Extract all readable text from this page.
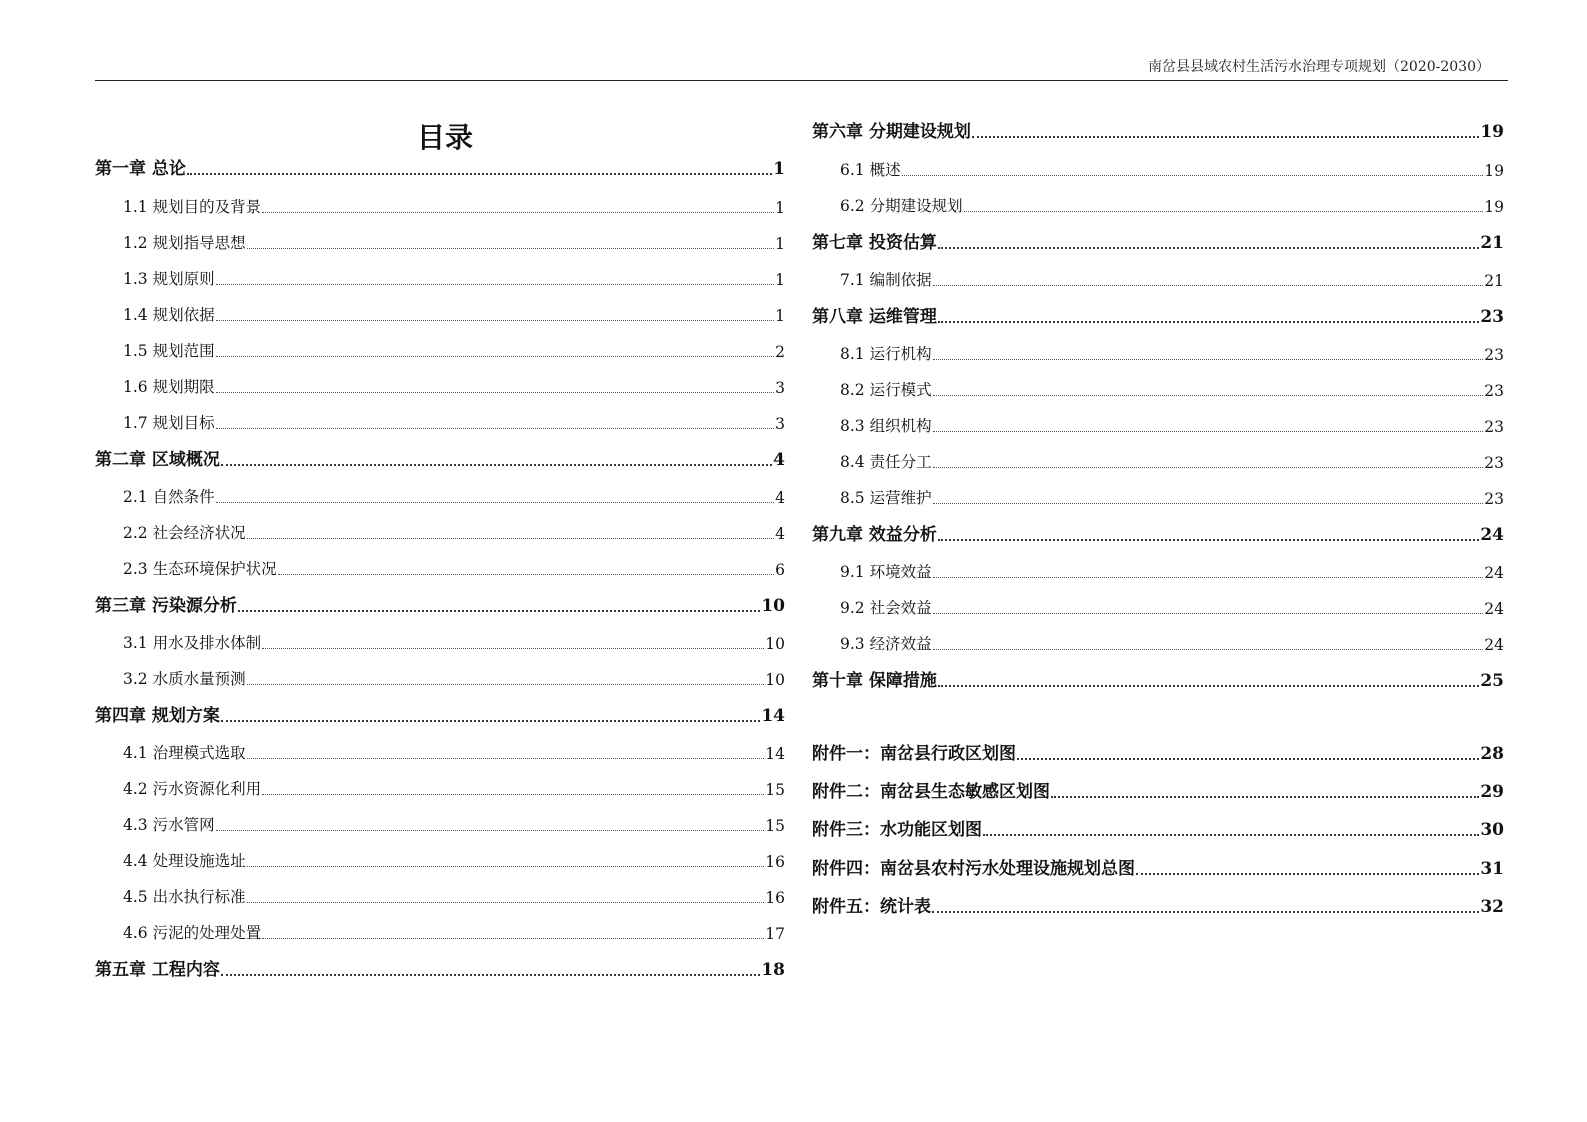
南岔县县域农村生活污水治理专项规划（2020-2030）
目录
第一章 总论	1
1.1 规划目的及背景	1
1.2 规划指导思想	1
1.3 规划原则	1
1.4 规划依据	1
1.5 规划范围	2
1.6 规划期限	3
1.7 规划目标	3
第二章 区域概况	4
2.1 自然条件	4
2.2 社会经济状况	4
2.3 生态环境保护状况	6
第三章 污染源分析	10
3.1 用水及排水体制	10
3.2 水质水量预测	10
第四章 规划方案	14
4.1 治理模式选取	14
4.2 污水资源化利用	15
4.3 污水管网	15
4.4 处理设施选址	16
4.5 出水执行标准	16
4.6 污泥的处理处置	17
第五章 工程内容	18
第六章 分期建设规划	19
6.1 概述	19
6.2 分期建设规划	19
第七章 投资估算	21
7.1 编制依据	21
第八章 运维管理	23
8.1 运行机构	23
8.2 运行模式	23
8.3 组织机构	23
8.4 责任分工	23
8.5 运营维护	23
第九章 效益分析	24
9.1 环境效益	24
9.2 社会效益	24
9.3 经济效益	24
第十章 保障措施	25
附件一：南岔县行政区划图	28
附件二：南岔县生态敏感区划图	29
附件三：水功能区划图	30
附件四：南岔县农村污水处理设施规划总图	31
附件五：统计表	32
